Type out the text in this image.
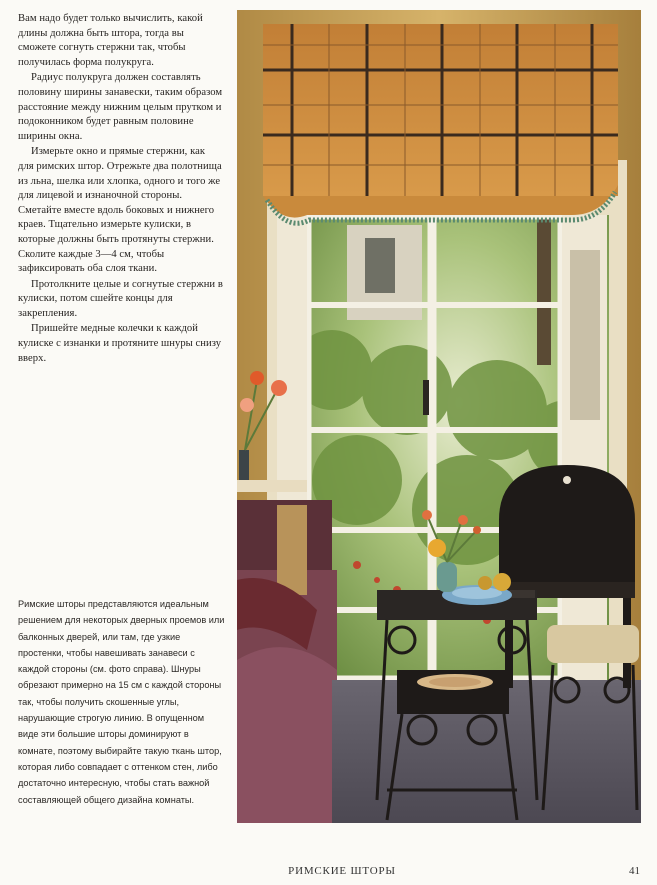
Вам надо будет только вычислить, какой длины должна быть штора, тогда вы сможете согнуть стержни так, чтобы получилась форма полукруга.

Радиус полукруга должен составлять половину ширины занавески, таким образом расстояние между нижним целым прутком и подоконником будет равным половине ширины окна.

Измерьте окно и прямые стержни, как для римских штор. Отрежьте два полотнища из льна, шелка или хлопка, одного и того же для лицевой и изнаночной стороны. Сметайте вместе вдоль боковых и нижнего краев. Тщательно измерьте кулиски, в которые должны быть протянуты стержни. Сколите каждые 3—4 см, чтобы зафиксировать оба слоя ткани.

Протолкните целые и согнутые стержни в кулиски, потом сшейте концы для закрепления.

Пришейте медные колечки к каждой кулиске с изнанки и протяните шнуры снизу вверх.

Римские шторы представляются идеальным решением для некоторых дверных проемов или балконных дверей, или там, где узкие простенки, чтобы навешивать занавеси с каждой стороны (см. фото справа). Шнуры обрезают примерно на 15 см с каждой стороны так, чтобы получить скошенные углы, нарушающие строгую линию. В опущенном виде эти большие шторы доминируют в комнате, поэтому выбирайте такую ткань штор, которая либо совпадает с оттенком стен, либо достаточно интересную, чтобы стать важной составляющей общего дизайна комнаты.

РИМСКИЕ ШТОРЫ	41
